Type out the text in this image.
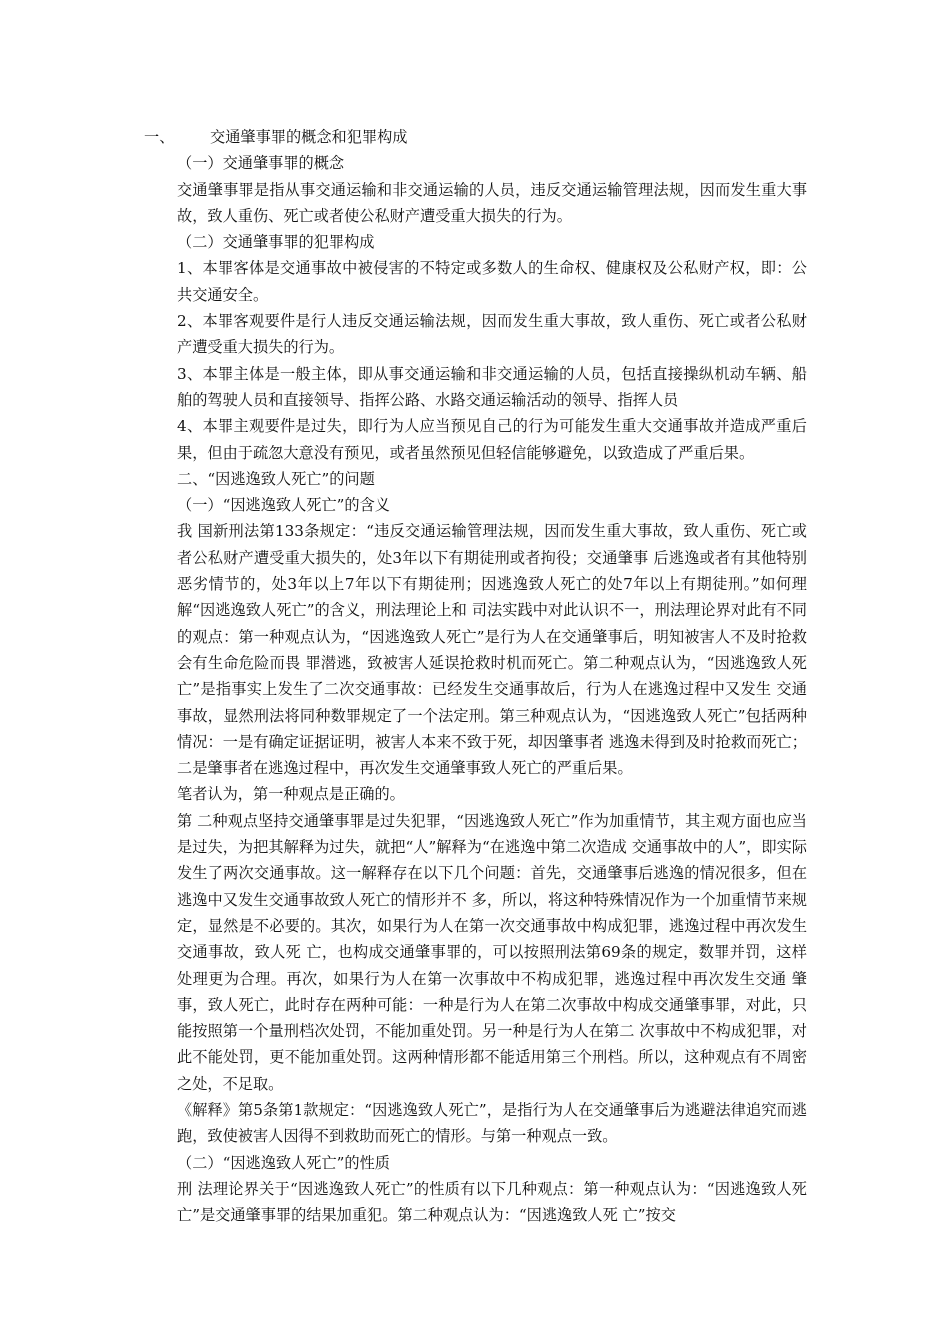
一、 交通肇事罪的概念和犯罪构成

（一）交通肇事罪的概念

交通肇事罪是指从事交通运输和非交通运输的人员，违反交通运输管理法规，因而发生重大事故，致人重伤、死亡或者使公私财产遭受重大损失的行为。

（二）交通肇事罪的犯罪构成

1、本罪客体是交通事故中被侵害的不特定或多数人的生命权、健康权及公私财产权，即：公共交通安全。

2、本罪客观要件是行人违反交通运输法规，因而发生重大事故，致人重伤、死亡或者公私财产遭受重大损失的行为。

3、本罪主体是一般主体，即从事交通运输和非交通运输的人员，包括直接操纵机动车辆、船舶的驾驶人员和直接领导、指挥公路、水路交通运输活动的领导、指挥人员

4、本罪主观要件是过失，即行为人应当预见自己的行为可能发生重大交通事故并造成严重后果，但由于疏忽大意没有预见，或者虽然预见但轻信能够避免，以致造成了严重后果。

二、“因逃逸致人死亡”的问题

（一）“因逃逸致人死亡”的含义

我 国新刑法第133条规定：“违反交通运输管理法规，因而发生重大事故，致人重伤、死亡或者公私财产遭受重大损失的，处3年以下有期徒刑或者拘役；交通肇事 后逃逸或者有其他特别恶劣情节的，处3年以上7年以下有期徒刑；因逃逸致人死亡的处7年以上有期徒刑。”如何理解“因逃逸致人死亡”的含义，刑法理论上和 司法实践中对此认识不一，刑法理论界对此有不同的观点：第一种观点认为，“因逃逸致人死亡”是行为人在交通肇事后，明知被害人不及时抢救会有生命危险而畏 罪潜逃，致被害人延误抢救时机而死亡。第二种观点认为，“因逃逸致人死亡”是指事实上发生了二次交通事故：已经发生交通事故后，行为人在逃逸过程中又发生 交通事故，显然刑法将同种数罪规定了一个法定刑。第三种观点认为，“因逃逸致人死亡”包括两种情况：一是有确定证据证明，被害人本来不致于死，却因肇事者 逃逸未得到及时抢救而死亡；二是肇事者在逃逸过程中，再次发生交通肇事致人死亡的严重后果。

笔者认为，第一种观点是正确的。

第 二种观点坚持交通肇事罪是过失犯罪，“因逃逸致人死亡”作为加重情节，其主观方面也应当是过失，为把其解释为过失，就把“人”解释为“在逃逸中第二次造成 交通事故中的人”，即实际发生了两次交通事故。这一解释存在以下几个问题：首先，交通肇事后逃逸的情况很多，但在逃逸中又发生交通事故致人死亡的情形并不 多，所以，将这种特殊情况作为一个加重情节来规定，显然是不必要的。其次，如果行为人在第一次交通事故中构成犯罪，逃逸过程中再次发生交通事故，致人死 亡，也构成交通肇事罪的，可以按照刑法第69条的规定，数罪并罚，这样处理更为合理。再次，如果行为人在第一次事故中不构成犯罪，逃逸过程中再次发生交通 肇事，致人死亡，此时存在两种可能：一种是行为人在第二次事故中构成交通肇事罪，对此，只能按照第一个量刑档次处罚，不能加重处罚。另一种是行为人在第二 次事故中不构成犯罪，对此不能处罚，更不能加重处罚。这两种情形都不能适用第三个刑档。所以，这种观点有不周密之处，不足取。

《解释》第5条第1款规定：“因逃逸致人死亡”，是指行为人在交通肇事后为逃避法律追究而逃跑，致使被害人因得不到救助而死亡的情形。与第一种观点一致。

（二）“因逃逸致人死亡”的性质

刑 法理论界关于“因逃逸致人死亡”的性质有以下几种观点：第一种观点认为：“因逃逸致人死亡”是交通肇事罪的结果加重犯。第二种观点认为：“因逃逸致人死 亡”按交
